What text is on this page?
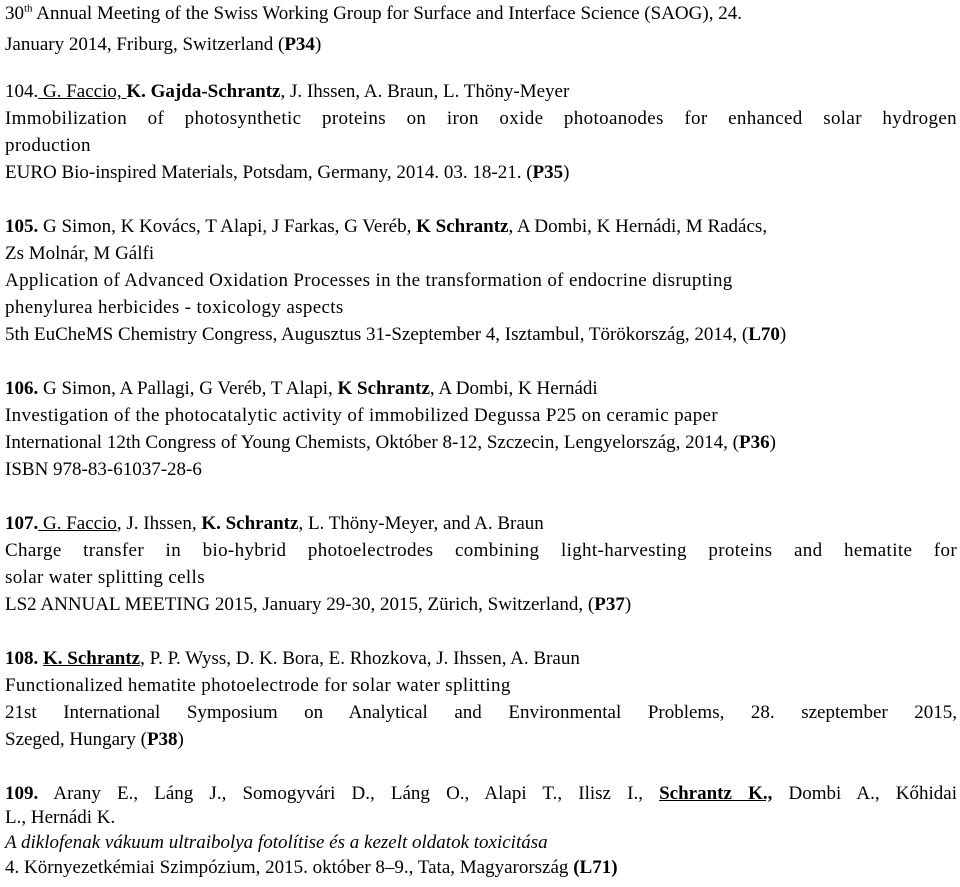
30th Annual Meeting of the Swiss Working Group for Surface and Interface Science (SAOG), 24.
January 2014, Friburg, Switzerland (P34)
104. G. Faccio, K. Gajda-Schrantz, J. Ihssen, A. Braun, L. Thöny-Meyer
Immobilization of photosynthetic proteins on iron oxide photoanodes for enhanced solar hydrogen
production
EURO Bio-inspired Materials, Potsdam, Germany, 2014. 03. 18-21. (P35)
105. G Simon, K Kovács, T Alapi, J Farkas, G Veréb, K Schrantz, A Dombi, K Hernádi, M Radács,
Zs Molnár, M Gálfi
Application of Advanced Oxidation Processes in the transformation of endocrine disrupting
phenylurea herbicides - toxicology aspects
5th EuCheMS Chemistry Congress, Augusztus 31-Szeptember 4, Isztambul, Törökország, 2014, (L70)
106. G Simon, A Pallagi, G Veréb, T Alapi, K Schrantz, A Dombi, K Hernádi
Investigation of the photocatalytic activity of immobilized Degussa P25 on ceramic paper
International 12th Congress of Young Chemists, Október 8-12, Szczecin, Lengyelország, 2014, (P36)
ISBN 978-83-61037-28-6
107. G. Faccio, J. Ihssen, K. Schrantz, L. Thöny-Meyer, and A. Braun
Charge transfer in bio-hybrid photoelectrodes combining light-harvesting proteins and hematite for
solar water splitting cells
LS2 ANNUAL MEETING 2015, January 29-30, 2015, Zürich, Switzerland, (P37)
108. K. Schrantz, P. P. Wyss, D. K. Bora, E. Rhozkova, J. Ihssen, A. Braun
Functionalized hematite photoelectrode for solar water splitting
21st International Symposium on Analytical and Environmental Problems, 28. szeptember 2015,
Szeged, Hungary (P38)
109. Arany E., Láng J., Somogyvári D., Láng O., Alapi T., Ilisz I., Schrantz K., Dombi A., Kőhidai
L., Hernádi K.
A diklofenak vákuum ultraibolya fotolítise és a kezelt oldatok toxicitása
4. Környezetkémiai Szimpózium, 2015. október 8–9., Tata, Magyarország (L71)
